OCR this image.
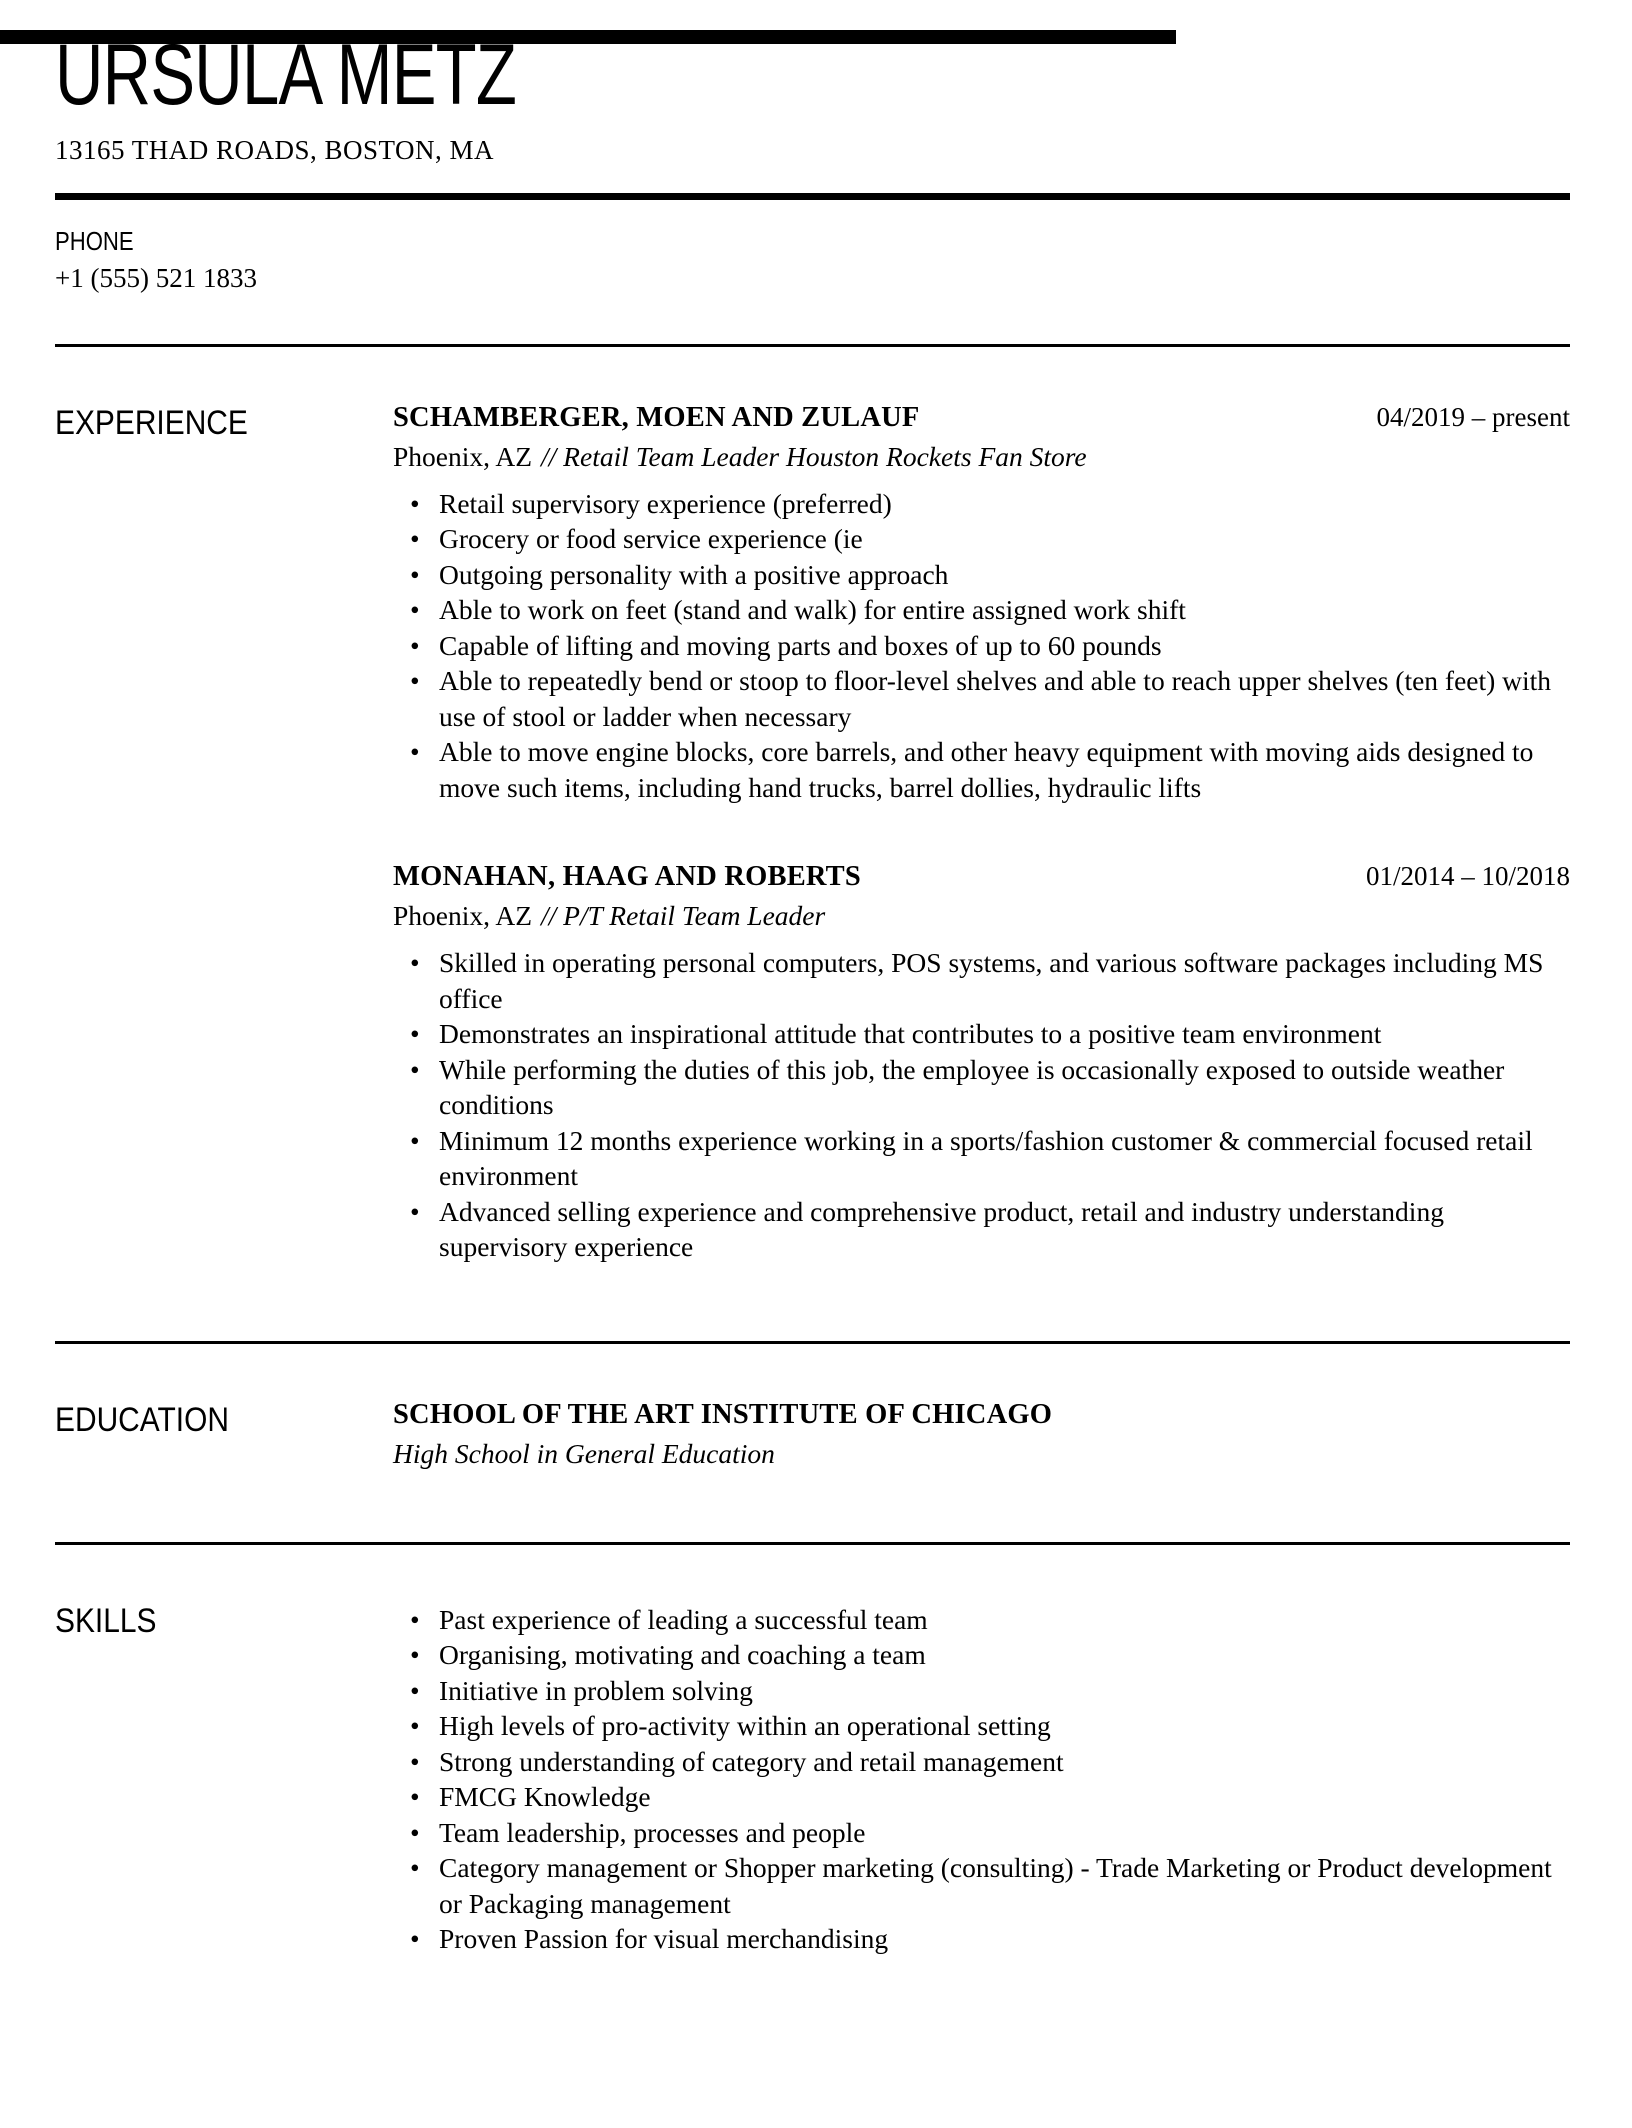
URSULA METZ
13165 THAD ROADS, BOSTON, MA
PHONE
+1 (555) 521 1833
EXPERIENCE	SCHAMBERGER, MOEN AND ZULAUF	04/2019 – present
Phoenix, AZ // Retail Team Leader Houston Rockets Fan Store
• Retail supervisory experience (preferred)
• Grocery or food service experience (ie
• Outgoing personality with a positive approach
• Able to work on feet (stand and walk) for entire assigned work shift
• Capable of lifting and moving parts and boxes of up to 60 pounds
• Able to repeatedly bend or stoop to floor-level shelves and able to reach upper shelves (ten feet) with use of stool or ladder when necessary
• Able to move engine blocks, core barrels, and other heavy equipment with moving aids designed to move such items, including hand trucks, barrel dollies, hydraulic lifts
MONAHAN, HAAG AND ROBERTS	01/2014 – 10/2018
Phoenix, AZ // P/T Retail Team Leader
• Skilled in operating personal computers, POS systems, and various software packages including MS office
• Demonstrates an inspirational attitude that contributes to a positive team environment
• While performing the duties of this job, the employee is occasionally exposed to outside weather conditions
• Minimum 12 months experience working in a sports/fashion customer & commercial focused retail environment
• Advanced selling experience and comprehensive product, retail and industry understanding supervisory experience
EDUCATION	SCHOOL OF THE ART INSTITUTE OF CHICAGO
High School in General Education
SKILLS	• Past experience of leading a successful team
• Organising, motivating and coaching a team
• Initiative in problem solving
• High levels of pro-activity within an operational setting
• Strong understanding of category and retail management
• FMCG Knowledge
• Team leadership, processes and people
• Category management or Shopper marketing (consulting) - Trade Marketing or Product development or Packaging management
• Proven Passion for visual merchandising
